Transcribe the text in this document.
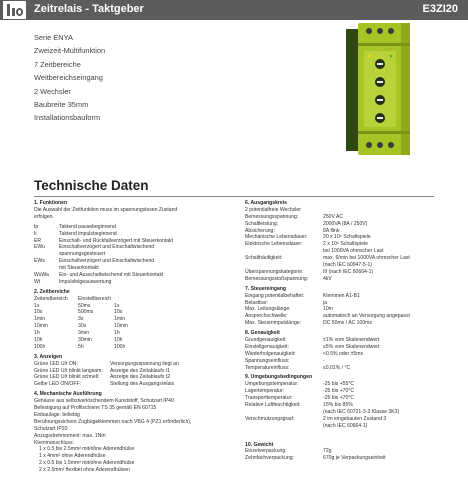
Zeitrelais - Taktgeber	E3ZI20
Serie ENYA
Zweizeit-Multifunktion
7 Zeitbereiche
Weitbereichseingang
2 Wechsler
Baubreite 35mm
Installationsbauform
Technische Daten
1. Funktionen
Die Auswahl der Zeitfunktion muss im spannungslosen Zustand
erfolgen.
Ip	Taktend pausebeginnend
Ii	Taktend impulsbeginnend
ER	Einschalt- und Rückfallverzögert mit Steuerkontakt
EWu	Einschaltverzögert und Einschaltwischend
spannungsgesteuert
EWs	Einschaltverzögert und Einschaltwischend
mit Steuerkontakt
WsWa Ein- und Ausschaltwischend mit Steuerkontakt
Wt	Impulsfolgeauswertung
2. Zeitbereiche
Zeitendbereich Einstellbereich
1s	50ms	1s
10s	500ms	10s
1min	3s	1min
10min	30s	10min
1h	3min	1h
10h	30min	10h
100h	5h	100h
3. Anzeigen
Grüne LED U/t ON:	Versorgungsspannung liegt an
Grüne LED U/t blinkt langsam: Anzeige des Zeitablaufs t1
Grüne LED U/t blinkt schnell: Anzeige des Zeitablaufs t2
Gelbe LED ON/OFF:	Stellung des Ausgangsrelais
4. Mechanische Ausführung
Gehäuse aus selbstverlöschendem Kunststoff, Schutzart IP40
Befestigung auf Profilschiene TS 35 gemäß EN 60715
Einbaulage: beliebig
Berührungssichere Zugbügelklemmen nach VBG 4 (PZ1 erforderlich),
Schutzart IP20
Anzugsdrehmoment: max. 1Nm
Klemmanschluss:
1 x 0.5 bis 2.5mm² mit/ohne Aderendhülse
1 x 4mm² ohne Aderendhülse
2 x 0.5 bis 1.5mm² mit/ohne Aderendhülse
2 x 2.5mm² flexibel ohne Aderendhülsen
6. Ausgangskreis
2 potentialfreie Wechsler
Bemessungsspannung:	250V AC
Schaltleistung:	2000VA (8A / 250V)
Absicherung:	8A flink
Mechanische Lebensdauer:	20 x 10⁶ Schaltspiele
Elektrische Lebensdauer:	2 x 10⁵ Schaltspiele
bei 1000VA ohmscher Last
Schalthäufigkeit:	max. 6/min bei 1000VA ohmscher Last
(nach IEC 60947-5-1)
Überspannungskategorie:	III (nach IEC 60664-1)
Bemessungsstoßspannung:	4kV
7. Steuereingang
Eingang potentialbehaftet:	Klemmen A1-B1
Belastbar:	ja
Max. Leitungslänge:	10m
Ansprechschwelle:	automatisch an Versorgung angepasst
Max. Steuerimpulslänge:	DC 50ms / AC 100ms
8. Genauigkeit
Grundgenauigkeit:	±1% vom Skalenendwert
Einstellgenauigkeit:	≤5% vom Skalenendwert
Wiederholgenauigkeit:	<0.5% oder ±5ms
Spannungseinfluss:	-
Temperatureinfluss:	≤0.01% / °C
9. Umgebungsbedingungen
Umgebungstemperatur:	-25 bis +55°C
Lagertemperatur:	-25 bis +70°C
Transporttemperatur:	-25 bis +70°C
Relative Luftfeuchtigkeit:	15% bis 85%
(nach IEC 60721-3-3 Klasse 3K3)
Verschmutzungsgrad:	2 im eingebauten Zustand 3
(nach IEC 60664-1)
10. Gewicht
Einzelverpackung:	72g
Zehnfachverpackung:	670g je Verpackungseinheit
